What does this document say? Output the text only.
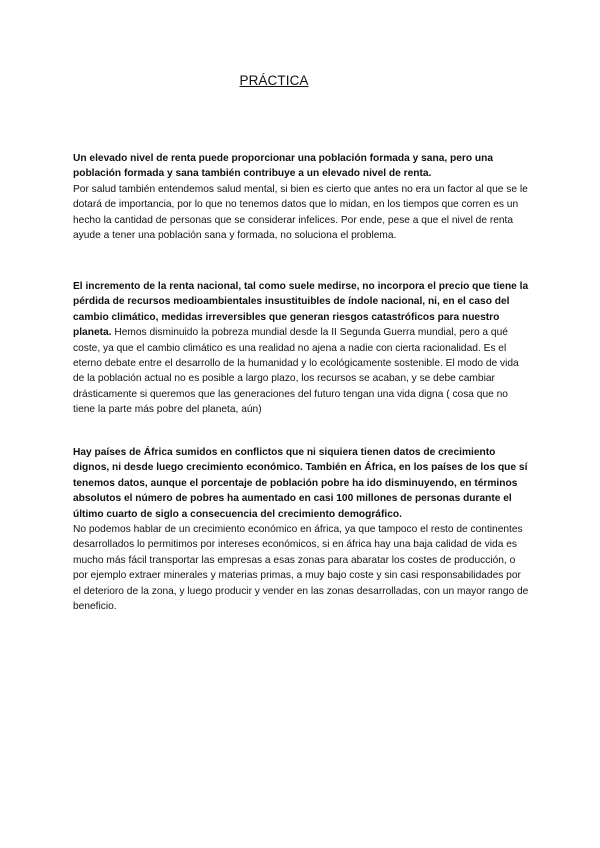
PRÁCTICA
Un elevado nivel de renta puede proporcionar una población formada y sana, pero una población formada y sana también contribuye a un elevado nivel de renta.
Por salud también entendemos salud mental, si bien es cierto que antes no era un factor al que se le dotará de importancia, por lo que no tenemos datos que lo midan, en los tiempos que corren es un hecho la cantidad de personas que se considerar infelices. Por ende, pese a que el nivel de renta ayude a tener una población sana y formada, no soluciona el problema.
El incremento de la renta nacional, tal como suele medirse, no incorpora el precio que tiene la pérdida de recursos medioambientales insustituibles de índole nacional, ni, en el caso del cambio climático, medidas irreversibles que generan riesgos catastróficos para nuestro planeta. Hemos disminuido la pobreza mundial desde la II Segunda Guerra mundial, pero a qué coste, ya que el cambio climático es una realidad no ajena a nadie con cierta racionalidad. Es el eterno debate entre el desarrollo de la humanidad y lo ecológicamente sostenible. El modo de vida de la población actual no es posible a largo plazo, los recursos se acaban, y se debe cambiar drásticamente si queremos que las generaciones del futuro tengan una vida digna ( cosa que no tiene la parte más pobre del planeta, aún)
Hay países de África sumidos en conflictos que ni siquiera tienen datos de crecimiento dignos, ni desde luego crecimiento económico. También en África, en los países de los que sí tenemos datos, aunque el porcentaje de población pobre ha ido disminuyendo, en términos absolutos el número de pobres ha aumentado en casi 100 millones de personas durante el último cuarto de siglo a consecuencia del crecimiento demográfico.
No podemos hablar de un crecimiento económico en áfrica, ya que tampoco el resto de continentes desarrollados lo permitimos por intereses económicos, si en áfrica hay una baja calidad de vida es mucho más fácil transportar las empresas a esas zonas para abaratar los costes de producción, o por ejemplo extraer minerales y materias primas, a muy bajo coste y sin casi responsabilidades por el deterioro de la zona, y luego producir y vender en las zonas desarrolladas, con un mayor rango de beneficio.
